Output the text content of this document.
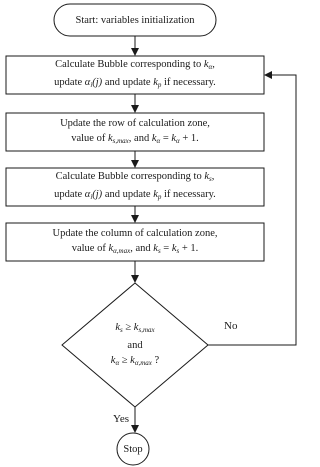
Start: variables initialization
Calculate Bubble corresponding to $k_\alpha$,
update $\alpha_i(j)$ and update $k_p$ if necessary.
Update the row of calculation zone,
value of $k_{s,max}$, and $k_\alpha = k_\alpha + 1$.
Calculate Bubble corresponding to $k_s$,
update $\alpha_i(j)$ and update $k_p$ if necessary.
Update the column of calculation zone,
value of $k_{\alpha,max}$, and $k_s = k_s + 1$.
$k_s \ge k_{s,max}$
and
$k_\alpha \ge k_{\alpha,max}$ ?
No
Yes
Stop
